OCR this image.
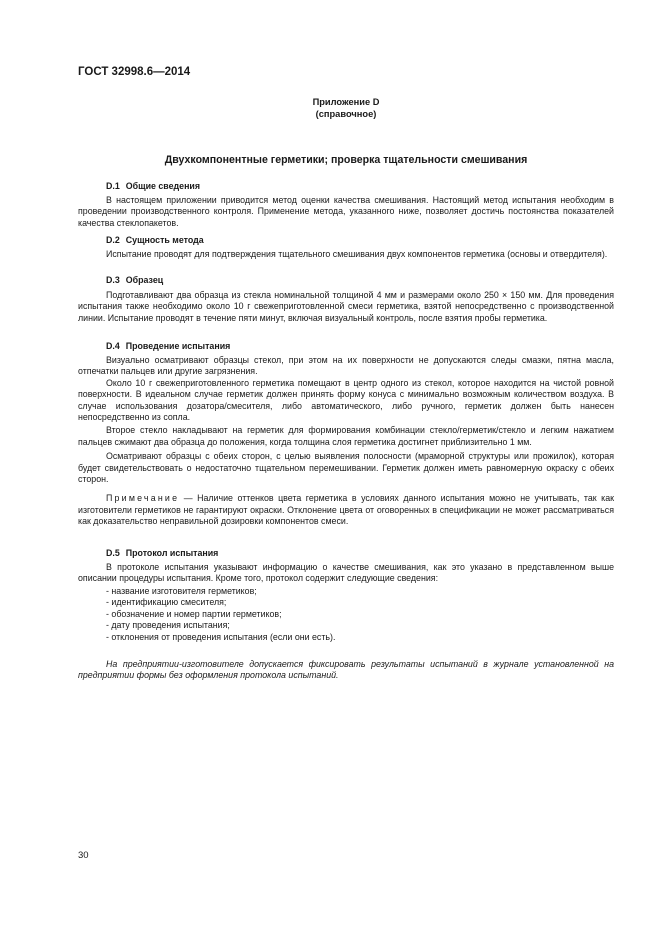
ГОСТ 32998.6—2014
Приложение D
(справочное)
Двухкомпонентные герметики; проверка тщательности смешивания
D.1 Общие сведения

В настоящем приложении приводится метод оценки качества смешивания. Настоящий метод испытания необходим в проведении производственного контроля. Применение метода, указанного ниже, позволяет достичь постоянства показателей качества стеклопакетов.

D.2 Сущность метода

Испытание проводят для подтверждения тщательного смешивания двух компонентов герметика (основы и отвердителя).

D.3 Образец

Подготавливают два образца из стекла номинальной толщиной 4 мм и размерами около 250 × 150 мм. Для проведения испытания также необходимо около 10 г свежеприготовленной смеси герметика, взятой непосредственно с производственной линии. Испытание проводят в течение пяти минут, включая визуальный контроль, после взятия пробы герметика.

D.4 Проведение испытания

Визуально осматривают образцы стекол, при этом на их поверхности не допускаются следы смазки, пятна масла, отпечатки пальцев или другие загрязнения.

Около 10 г свежеприготовленного герметика помещают в центр одного из стекол, которое находится на чистой ровной поверхности. В идеальном случае герметик должен принять форму конуса с минимально возможным количеством воздуха. В случае использования дозатора/смесителя, либо автоматического, либо ручного, герметик должен быть нанесен непосредственно из сопла.

Второе стекло накладывают на герметик для формирования комбинации стекло/герметик/стекло и легким нажатием пальцев сжимают два образца до положения, когда толщина слоя герметика достигнет приблизительно 1 мм.

Осматривают образцы с обеих сторон, с целью выявления полосности (мраморной структуры или прожилок), которая будет свидетельствовать о недостаточно тщательном перемешивании. Герметик должен иметь равномерную окраску с обеих сторон.

Примечание — Наличие оттенков цвета герметика в условиях данного испытания можно не учитывать, так как изготовители герметиков не гарантируют окраски. Отклонение цвета от оговоренных в спецификации не может рассматриваться как доказательство неправильной дозировки компонентов смеси.

D.5 Протокол испытания

В протоколе испытания указывают информацию о качестве смешивания, как это указано в представленном выше описании процедуры испытания. Кроме того, протокол содержит следующие сведения:

- название изготовителя герметиков;
- идентификацию смесителя;
- обозначение и номер партии герметиков;
- дату проведения испытания;
- отклонения от проведения испытания (если они есть).

На предприятии-изготовителе допускается фиксировать результаты испытаний в журнале установленной на предприятии формы без оформления протокола испытаний.

30
